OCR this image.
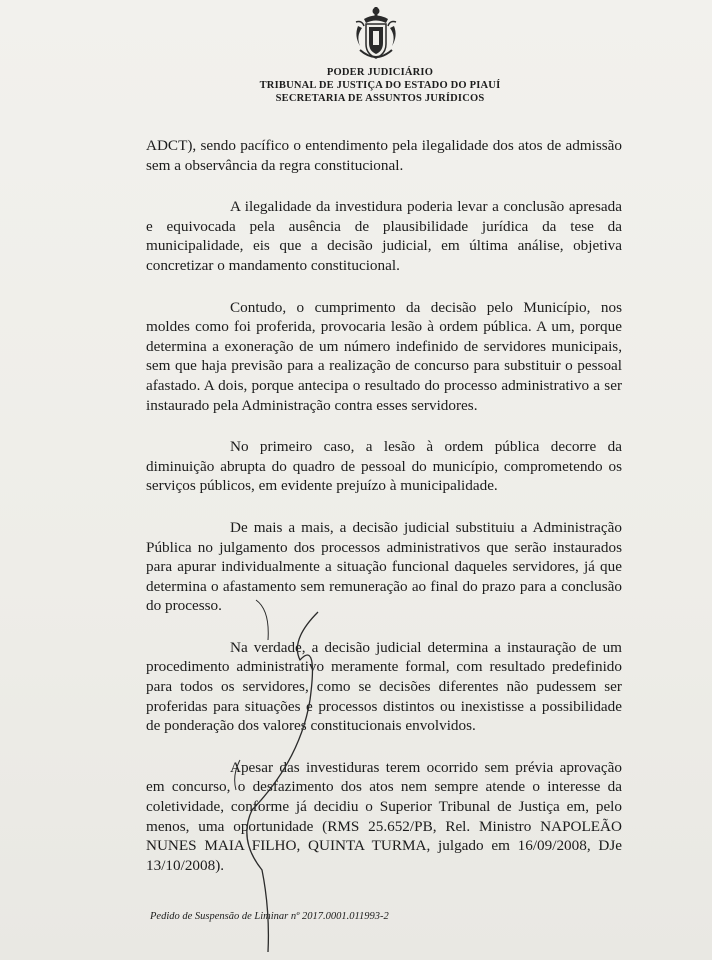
PODER JUDICIÁRIO
TRIBUNAL DE JUSTIÇA DO ESTADO DO PIAUÍ
SECRETARIA DE ASSUNTOS JURÍDICOS

ADCT), sendo pacífico o entendimento pela ilegalidade dos atos de admissão sem a observância da regra constitucional.

A ilegalidade da investidura poderia levar a conclusão apresada e equivocada pela ausência de plausibilidade jurídica da tese da municipalidade, eis que a decisão judicial, em última análise, objetiva concretizar o mandamento constitucional.

Contudo, o cumprimento da decisão pelo Município, nos moldes como foi proferida, provocaria lesão à ordem pública. A um, porque determina a exoneração de um número indefinido de servidores municipais, sem que haja previsão para a realização de concurso para substituir o pessoal afastado. A dois, porque antecipa o resultado do processo administrativo a ser instaurado pela Administração contra esses servidores.

No primeiro caso, a lesão à ordem pública decorre da diminuição abrupta do quadro de pessoal do município, comprometendo os serviços públicos, em evidente prejuízo à municipalidade.

De mais a mais, a decisão judicial substituiu a Administração Pública no julgamento dos processos administrativos que serão instaurados para apurar individualmente a situação funcional daqueles servidores, já que determina o afastamento sem remuneração ao final do prazo para a conclusão do processo.

Na verdade, a decisão judicial determina a instauração de um procedimento administrativo meramente formal, com resultado predefinido para todos os servidores, como se decisões diferentes não pudessem ser proferidas para situações e processos distintos ou inexistisse a possibilidade de ponderação dos valores constitucionais envolvidos.

Apesar das investiduras terem ocorrido sem prévia aprovação em concurso, o desfazimento dos atos nem sempre atende o interesse da coletividade, conforme já decidiu o Superior Tribunal de Justiça em, pelo menos, uma oportunidade (RMS 25.652/PB, Rel. Ministro NAPOLEÃO NUNES MAIA FILHO, QUINTA TURMA, julgado em 16/09/2008, DJe 13/10/2008).

Pedido de Suspensão de Liminar nº 2017.0001.011993-2
